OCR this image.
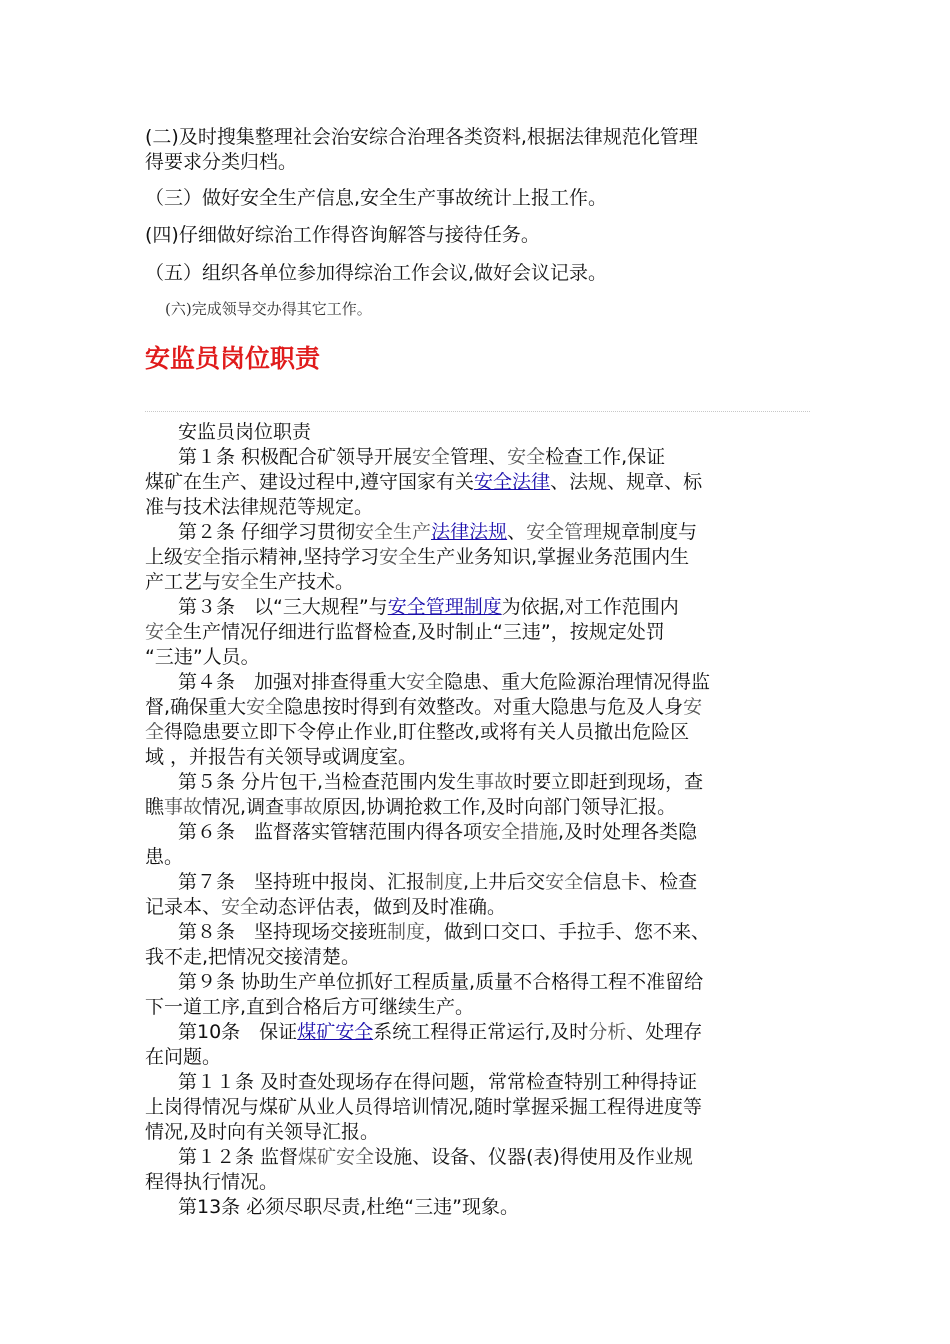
(二)及时搜集整理社会治安综合治理各类资料,根据法律规范化管理
得要求分类归档。
（三）做好安全生产信息,安全生产事故统计上报工作。
(四)仔细做好综治工作得咨询解答与接待任务。
（五）组织各单位参加得综治工作会议,做好会议记录。
(六)完成领导交办得其它工作。
安监员岗位职责
安监员岗位职责
第１条 积极配合矿领导开展安全管理、安全检查工作,保证
煤矿在生产、建设过程中,遵守国家有关安全法律、法规、规章、标
准与技术法律规范等规定。
第２条 仔细学习贯彻安全生产法律法规、安全管理规章制度与
上级安全指示精神,坚持学习安全生产业务知识,掌握业务范围内生
产工艺与安全生产技术。
第３条　以“三大规程”与安全管理制度为依据,对工作范围内
安全生产情况仔细进行监督检查,及时制止“三违”，按规定处罚
“三违”人员。
第４条　加强对排查得重大安全隐患、重大危险源治理情况得监
督,确保重大安全隐患按时得到有效整改。对重大隐患与危及人身安
全得隐患要立即下令停止作业,盯住整改,或将有关人员撤出危险区
域 ，并报告有关领导或调度室。
第５条 分片包干,当检查范围内发生事故时要立即赶到现场，查
瞧事故情况,调查事故原因,协调抢救工作,及时向部门领导汇报。
第６条　监督落实管辖范围内得各项安全措施,及时处理各类隐
患。
第７条　坚持班中报岗、汇报制度,上井后交安全信息卡、检查
记录本、安全动态评估表，做到及时准确。
第８条　坚持现场交接班制度，做到口交口、手拉手、您不来、
我不走,把情况交接清楚。
第９条 协助生产单位抓好工程质量,质量不合格得工程不准留给
下一道工序,直到合格后方可继续生产。
第10条　保证煤矿安全系统工程得正常运行,及时分析、处理存
在问题。
第１１条 及时查处现场存在得问题，常常检查特别工种得持证
上岗得情况与煤矿从业人员得培训情况,随时掌握采掘工程得进度等
情况,及时向有关领导汇报。
第１２条 监督煤矿安全设施、设备、仪器(表)得使用及作业规
程得执行情况。
第13条 必须尽职尽责,杜绝“三违”现象。
